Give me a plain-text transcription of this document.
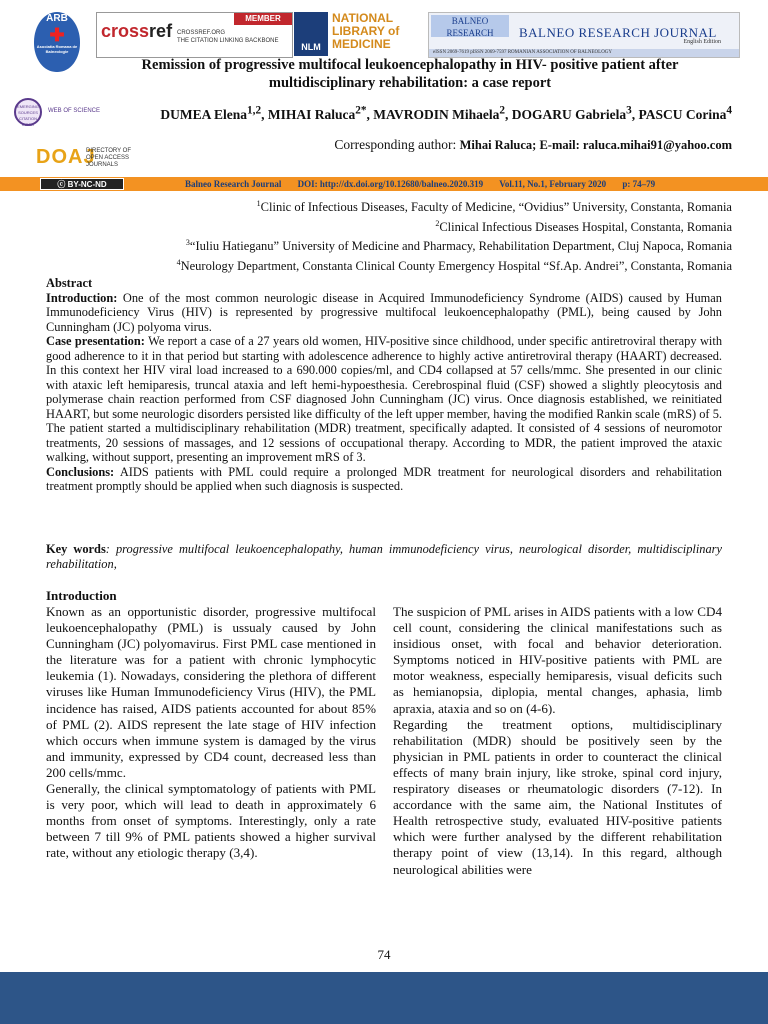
ARB
✚
Asociatia Romana de Balneologie
MEMBER
crossref CROSSREF.ORG
THE CITATION LINKING BACKBONE
NLM
NATIONAL
LIBRARY of
MEDICINE
BALNEO RESEARCH	BALNEO RESEARCH JOURNAL
English Edition
eISSN 2069-7619 pISSN 2069-7597 ROMANIAN ASSOCIATION OF BALNEOLOGY
Remission of progressive multifocal leukoencephalopathy in HIV- positive patient after
multidisciplinary rehabilitation: a case report
EMERGING SOURCES CITATION INDEX
WEB OF SCIENCE
DOAJ
DIRECTORY OF
OPEN ACCESS
JOURNALS
DUMEA Elena$^{1,2}$, MIHAI Raluca$^{2*}$, MAVRODIN Mihaela$^2$, DOGARU Gabriela$^3$, PASCU Corina$^4$
Corresponding author: Mihai Raluca; E-mail: raluca.mihai91@yahoo.com
ⓒ BY-NC-ND	Balneo Research Journal DOI: http://dx.doi.org/10.12680/balneo.2020.319 Vol.11, No.1, February 2020 p: 74–79
$^1$Clinic of Infectious Diseases, Faculty of Medicine, “Ovidius” University, Constanta, Romania
$^2$Clinical Infectious Diseases Hospital, Constanta, Romania
$^3$“Iuliu Hatieganu” University of Medicine and Pharmacy, Rehabilitation Department, Cluj Napoca, Romania
$^4$Neurology Department, Constanta Clinical County Emergency Hospital “Sf.Ap. Andrei”, Constanta, Romania

Abstract

Introduction: One of the most common neurologic disease in Acquired Immunodeficiency Syndrome (AIDS) caused by Human Immunodeficiency Virus (HIV) is represented by progressive multifocal leukoencephalopathy (PML), being caused by John Cunningham (JC) polyoma virus.

Case presentation: We report a case of a 27 years old women, HIV-positive since childhood, under specific antiretroviral therapy with good adherence to it in that period but starting with adolescence adherence to highly active antiretroviral therapy (HAART) decreased. In this context her HIV viral load increased to a 690.000 copies/ml, and CD4 collapsed at 57 cells/mmc. She presented in our clinic with ataxic left hemiparesis, truncal ataxia and left hemi-hypoesthesia. Cerebrospinal fluid (CSF) showed a slightly pleocytosis and polymerase chain reaction performed from CSF diagnosed John Cunningham (JC) virus. Once diagnosis established, we reinitiated HAART, but some neurologic disorders persisted like difficulty of the left upper member, having the modified Rankin scale (mRS) of 5. The patient started a multidisciplinary rehabilitation (MDR) treatment, specifically adapted. It consisted of 4 sessions of neuromotor treatments, 20 sessions of massages, and 12 sessions of occupational therapy. According to MDR, the patient improved the ataxic walking, without support, presenting an improvement mRS of 3.

Conclusions: AIDS patients with PML could require a prolonged MDR treatment for neurological disorders and rehabilitation treatment promptly should be applied when such diagnosis is suspected.

Key words: progressive multifocal leukoencephalopathy, human immunodeficiency virus, neurological disorder, multidisciplinary rehabilitation,
Introduction

Known as an opportunistic disorder, progressive multifocal leukoencephalopathy (PML) is ussualy caused by John Cunningham (JC) polyomavirus. First PML case mentioned in the literature was for a patient with chronic lymphocytic leukemia (1). Nowadays, considering the plethora of different viruses like Human Immunodeficiency Virus (HIV), the PML incidence has raised, AIDS patients accounted for about 85% of PML (2). AIDS represent the late stage of HIV infection which occurs when immune system is damaged by the virus and immunity, expressed by CD4 count, decreased less than 200 cells/mmc.

Generally, the clinical symptomatology of patients with PML is very poor, which will lead to death in approximately 6 months from onset of symptoms. Interestingly, only a rate between 7 till 9% of PML patients showed a higher survival rate, without any etiologic therapy (3,4).

The suspicion of PML arises in AIDS patients with a low CD4 cell count, considering the clinical manifestations such as insidious onset, with focal and behavior deterioration. Symptoms noticed in HIV-positive patients with PML are motor weakness, especially hemiparesis, visual deficits such as hemianopsia, diplopia, mental changes, aphasia, limb apraxia, ataxia and so on (4-6).

Regarding the treatment options, multidisciplinary rehabilitation (MDR) should be positively seen by the physician in PML patients in order to counteract the clinical effects of many brain injury, like stroke, spinal cord injury, respiratory diseases or rheumatologic disorders (7-12). In accordance with the same aim, the National Institutes of Health retrospective study, evaluated HIV-positive patients which were further analysed by the different rehabilitation therapy point of view (13,14). In this regard, although neurological abilities were

74
